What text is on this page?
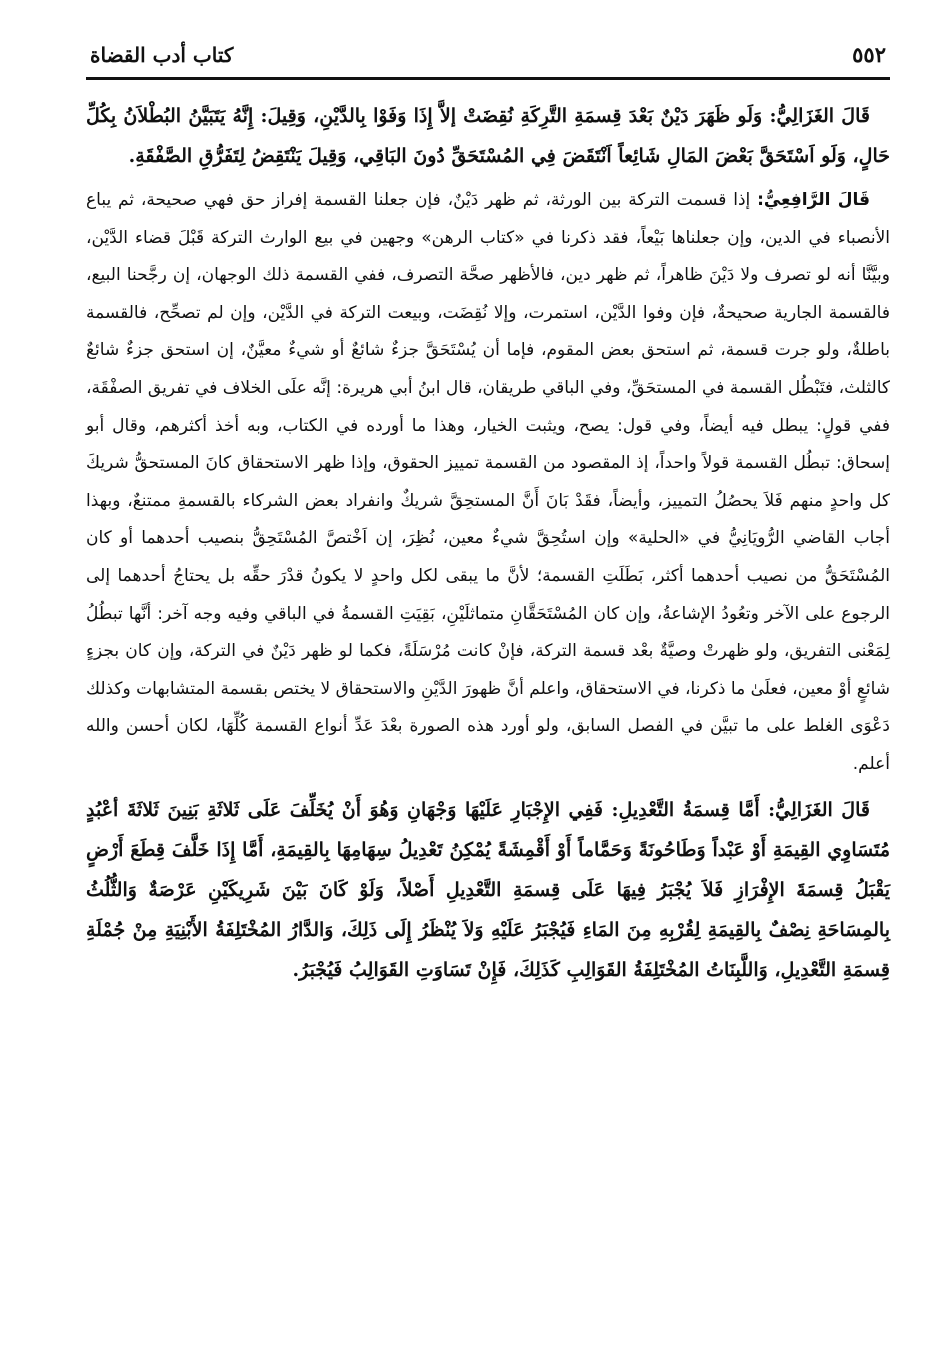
٥٥٢
كتاب أدب القضاة

قَالَ الغَزَالِيُّ: وَلَو ظَهَرَ دَيْنٌ بَعْدَ قِسمَةِ التَّرِكَةِ نُقِضَتْ إلاَّ إِذَا وَفَوْا بِالدَّيْنِ، وَقِيلَ: إِنَّهُ يَتَبَيَّنُ البُطْلاَنُ بِكُلِّ حَالٍ، وَلَو اَسْتَحَقَّ بَعْضَ المَالِ شَائِعاً اَنْتَقَضَ فِي المُسْتَحَقِّ دُونَ البَاقِي، وَقِيلَ يَنْتَقِضُ لِتَفَرُّقِ الصَّفْقَةِ.

قَالَ الرَّافِعِيُّ: إذا قسمت التركة بين الورثة، ثم ظهر دَيْنٌ، فإن جعلنا القسمة إفراز حق فهي صحيحة، ثم يباع الأنصباء في الدين، وإن جعلناها بَيْعاً، فقد ذكرنا في «كتاب الرهن» وجهين في بيع الوارث التركة قَبْلَ قضاء الدَّيْن، وبيَّنَّا أنه لو تصرف ولا دَيْنَ ظاهراً، ثم ظهر دين، فالأظهر صحَّة التصرف، ففي القسمة ذلك الوجهان، إن رجَّحنا البيع، فالقسمة الجارية صحيحةٌ، فإن وفوا الدَّيْن، استمرت، وإلا نُقِضَت، وبيعت التركة في الدَّيْن، وإن لم تصحِّح، فالقسمة باطلةٌ، ولو جرت قسمة، ثم استحق بعض المقوم، فإما أن يُسْتَحَقَّ جزءٌ شائعٌ أو شيءٌ معيَّنٌ، إن استحق جزءٌ شائعٌ كالثلث، فتَبْطُل القسمة في المستحَقِّ، وفي الباقي طريقان، قال ابنُ أبي هريرة: إنَّه علَى الخلاف في تفريق الصفْقَة، ففي قولٍ: يبطل فيه أيضاً، وفي قول: يصح، ويثبت الخيار، وهذا ما أورده في الكتاب، وبه أخذ أكثرهم، وقال أبو إسحاق: تبطُل القسمة قولاً واحداً، إذ المقصود من القسمة تمييز الحقوق، وإذا ظهر الاستحقاق كانَ المستحقُّ شريكَ كل واحدٍ منهم فَلاَ يحصُلُ التمييز، وأيضاً، فقَدْ بَانَ أَنَّ المستحِقَّ شريكٌ وانفراد بعض الشركاء بالقسمةِ ممتنعٌ، وبهذا أجاب القاضي الرُّويَانِيُّ في «الحلية» وإن استُحِقَّ شيءٌ معين، نُظِرَ، إن اَخْتصَّ المُسْتَحِقُّ بنصيب أحدهما أو كان المُسْتَحَقُّ من نصيب أحدهما أكثر، بَطَلَتِ القسمة؛ لأنَّ ما يبقى لكل واحدٍ لا يكونُ قدْرَ حقِّه بل يحتاجُ أحدهما إلى الرجوع على الآخر وتعُودُ الإشاعةُ، وإن كان المُسْتَحَقَّانِ متماثلَيْنِ، بَقِيَتِ القسمةُ في الباقي وفيه وجه آخر: أنَّها تبطُلُ لِمَعْنى التفريق، ولو ظهرتْ وصيَّةٌ بعْد قسمة التركة، فإنْ كانت مُرْسَلَةً، فكما لو ظهر دَيْنٌ في التركة، وإن كان بجزءٍ شائعٍ أوْ معين، فعلَىٰ ما ذكرنا، في الاستحقاق، واعلم أنَّ ظهورَ الدَّيْنِ والاستحقاق لا يختص بقسمة المتشابهات وكذلك دَعْوَى الغلط على ما تبيَّن في الفصل السابق، ولو أورد هذه الصورة بعْدَ عَدِّ أنواع القسمة كُلِّهَا، لكان أحسن والله أعلم.

قَالَ الغَزَالِيُّ: أَمَّا قِسمَةُ التَّعْدِيلِ: فَفِي الإِجْبَارِ عَلَيْهَا وَجْهَانِ وَهُوَ أَنْ يُخَلِّفَ عَلَى ثَلاثَةِ بَنِينَ ثَلاثَةَ أعْبُدٍ مُتَسَاوِي القِيمَةِ أَوْ عَبْداً وَطَاحُونَةً وَحَمَّاماً أَوْ أَقْمِشَةً يُمْكِنُ تَعْدِيلُ سِهَامِهَا بِالقِيمَةِ، أَمَّا إِذَا خَلَّفَ قِطَعَ أَرْضٍ يَقْبَلُ قِسمَةَ الإِفْرَازِ فَلاَ يُجْبَرُ فِيهَا عَلَى قِسمَةِ التَّعْدِيلِ أَصْلاً، وَلَوْ كَانَ بَيْنَ شَرِيكَيْنِ عَرْصَةٌ وَالثُّلُثُ بِالمِسَاحَةِ نِصْفٌ بِالقِيمَةِ لِقُرْبِهِ مِنَ المَاءِ فَيُجْبَرُ عَلَيْهِ وَلاَ يُنْظَرُ إِلَى ذَلِكَ، وَالدَّارُ المُخْتَلِفَةُ الأَبْنِيَةِ مِنْ جُمْلَةِ قِسمَةِ التَّعْدِيلِ، وَاللَّبِنَاتُ المُخْتَلِفَةُ القَوَالِبِ كَذَلِكَ، فَإِنْ تَسَاوَتِ القَوَالِبُ فَيُجْبَرُ.
